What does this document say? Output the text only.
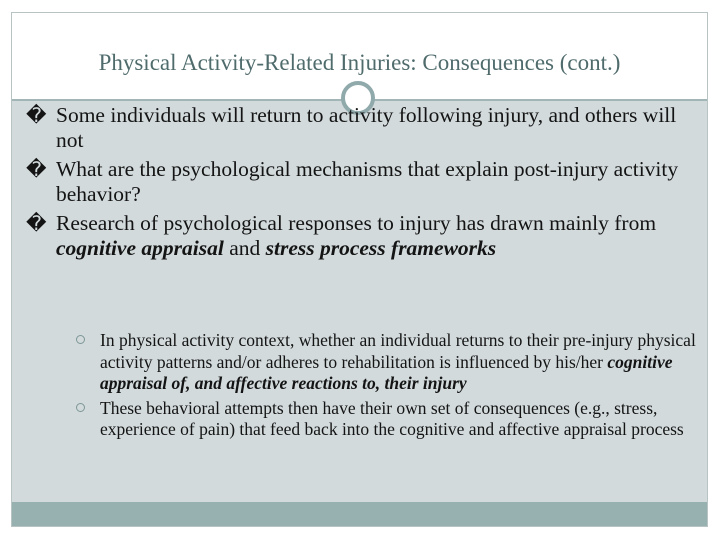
Physical Activity-Related Injuries: Consequences (cont.)
� Some individuals will return to activity following injury, and others will not
� What are the psychological mechanisms that explain post-injury activity behavior?
� Research of psychological responses to injury has drawn mainly from cognitive appraisal and stress process frameworks
In physical activity context, whether an individual returns to their pre-injury physical activity patterns and/or adheres to rehabilitation is influenced by his/her cognitive appraisal of, and affective reactions to, their injury
These behavioral attempts then have their own set of consequences (e.g., stress, experience of pain) that feed back into the cognitive and affective appraisal process
